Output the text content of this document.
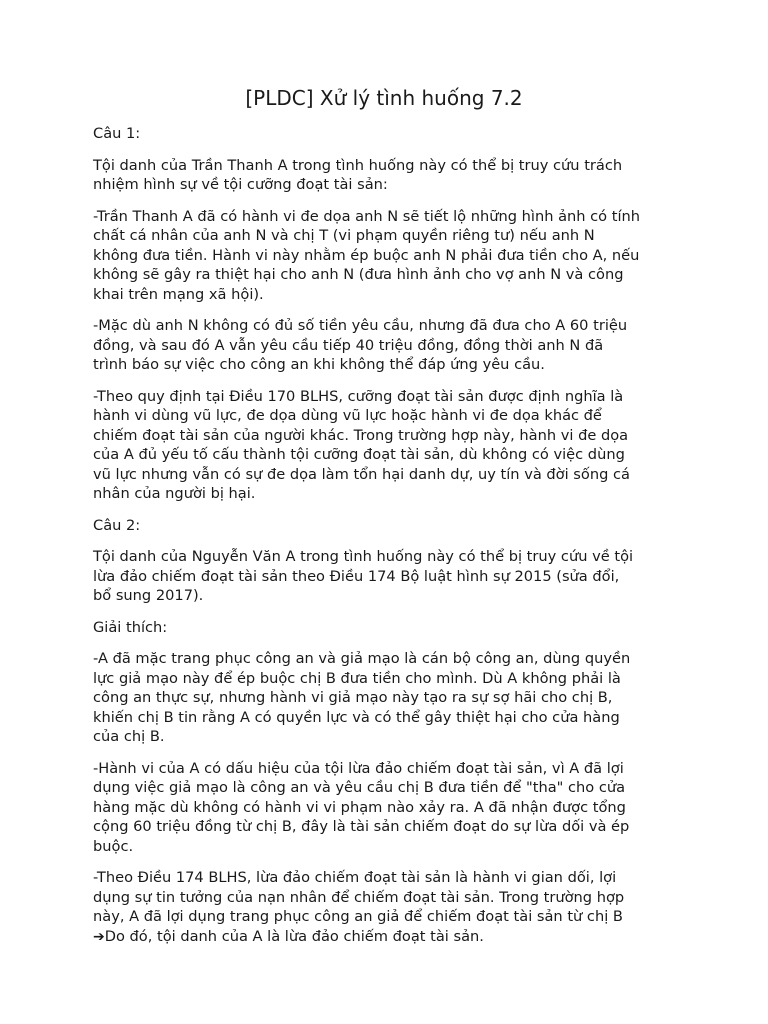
[PLDC] Xử lý tình huống 7.2

Câu 1:

Tội danh của Trần Thanh A trong tình huống này có thể bị truy cứu trách
nhiệm hình sự về tội cưỡng đoạt tài sản:

-Trần Thanh A đã có hành vi đe dọa anh N sẽ tiết lộ những hình ảnh có tính
chất cá nhân của anh N và chị T (vi phạm quyền riêng tư) nếu anh N
không đưa tiền. Hành vi này nhằm ép buộc anh N phải đưa tiền cho A, nếu
không sẽ gây ra thiệt hại cho anh N (đưa hình ảnh cho vợ anh N và công
khai trên mạng xã hội).

-Mặc dù anh N không có đủ số tiền yêu cầu, nhưng đã đưa cho A 60 triệu
đồng, và sau đó A vẫn yêu cầu tiếp 40 triệu đồng, đồng thời anh N đã
trình báo sự việc cho công an khi không thể đáp ứng yêu cầu.

-Theo quy định tại Điều 170 BLHS, cưỡng đoạt tài sản được định nghĩa là
hành vi dùng vũ lực, đe dọa dùng vũ lực hoặc hành vi đe dọa khác để
chiếm đoạt tài sản của người khác. Trong trường hợp này, hành vi đe dọa
của A đủ yếu tố cấu thành tội cưỡng đoạt tài sản, dù không có việc dùng
vũ lực nhưng vẫn có sự đe dọa làm tổn hại danh dự, uy tín và đời sống cá
nhân của người bị hại.

Câu 2:

Tội danh của Nguyễn Văn A trong tình huống này có thể bị truy cứu về tội
lừa đảo chiếm đoạt tài sản theo Điều 174 Bộ luật hình sự 2015 (sửa đổi,
bổ sung 2017).

Giải thích:

-A đã mặc trang phục công an và giả mạo là cán bộ công an, dùng quyền
lực giả mạo này để ép buộc chị B đưa tiền cho mình. Dù A không phải là
công an thực sự, nhưng hành vi giả mạo này tạo ra sự sợ hãi cho chị B,
khiến chị B tin rằng A có quyền lực và có thể gây thiệt hại cho cửa hàng
của chị B.

-Hành vi của A có dấu hiệu của tội lừa đảo chiếm đoạt tài sản, vì A đã lợi
dụng việc giả mạo là công an và yêu cầu chị B đưa tiền để "tha" cho cửa
hàng mặc dù không có hành vi vi phạm nào xảy ra. A đã nhận được tổng
cộng 60 triệu đồng từ chị B, đây là tài sản chiếm đoạt do sự lừa dối và ép
buộc.

-Theo Điều 174 BLHS, lừa đảo chiếm đoạt tài sản là hành vi gian dối, lợi
dụng sự tin tưởng của nạn nhân để chiếm đoạt tài sản. Trong trường hợp
này, A đã lợi dụng trang phục công an giả để chiếm đoạt tài sản từ chị B
➔Do đó, tội danh của A là lừa đảo chiếm đoạt tài sản.
